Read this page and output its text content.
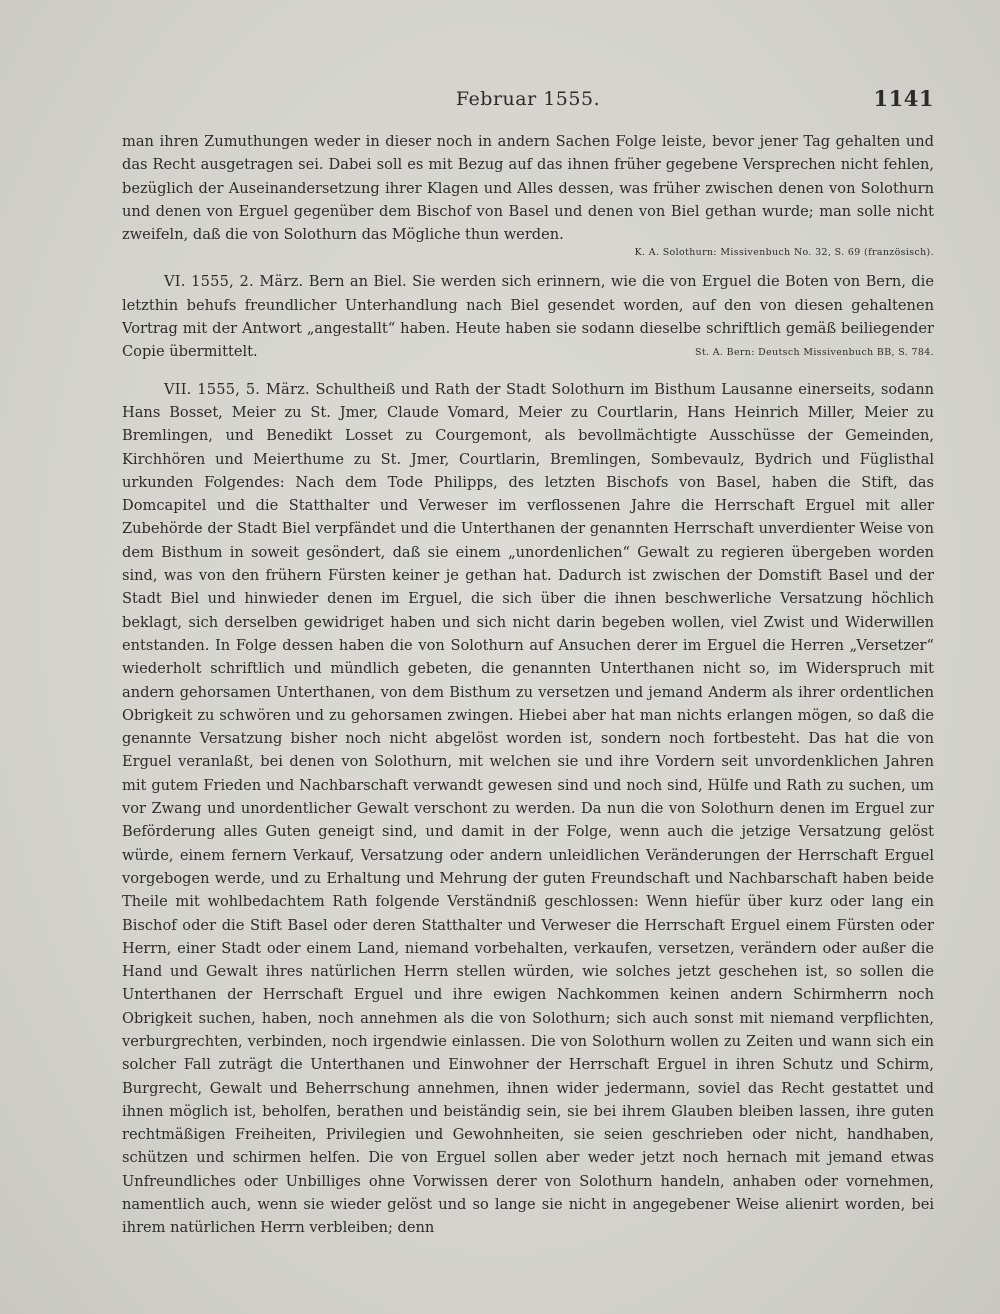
Februar 1555.	1141

man ihren Zumuthungen weder in dieser noch in andern Sachen Folge leiste, bevor jener Tag gehalten und das Recht ausgetragen sei. Dabei soll es mit Bezug auf das ihnen früher gegebene Versprechen nicht fehlen, bezüglich der Auseinandersetzung ihrer Klagen und Alles dessen, was früher zwischen denen von Solothurn und denen von Erguel gegenüber dem Bischof von Basel und denen von Biel gethan wurde; man solle nicht zweifeln, daß die von Solothurn das Mögliche thun werden.

K. A. Solothurn: Missivenbuch No. 32, S. 69 (französisch).

VI. 1555, 2. März. Bern an Biel. Sie werden sich erinnern, wie die von Erguel die Boten von Bern, die letzthin behufs freundlicher Unterhandlung nach Biel gesendet worden, auf den von diesen gehaltenen Vortrag mit der Antwort „angestallt“ haben. Heute haben sie sodann dieselbe schriftlich gemäß beiliegender Copie übermittelt.	St. A. Bern: Deutsch Missivenbuch BB, S. 784.

VII. 1555, 5. März. Schultheiß und Rath der Stadt Solothurn im Bisthum Lausanne einerseits, sodann Hans Bosset, Meier zu St. Jmer, Claude Vomard, Meier zu Courtlarin, Hans Heinrich Miller, Meier zu Bremlingen, und Benedikt Losset zu Courgemont, als bevollmächtigte Ausschüsse der Gemeinden, Kirchhören und Meierthume zu St. Jmer, Courtlarin, Bremlingen, Sombevaulz, Bydrich und Füglisthal urkunden Folgendes: Nach dem Tode Philipps, des letzten Bischofs von Basel, haben die Stift, das Domcapitel und die Statthalter und Verweser im verflossenen Jahre die Herrschaft Erguel mit aller Zubehörde der Stadt Biel verpfändet und die Unterthanen der genannten Herrschaft unverdienter Weise von dem Bisthum in soweit gesöndert, daß sie einem „unordenlichen“ Gewalt zu regieren übergeben worden sind, was von den frühern Fürsten keiner je gethan hat. Dadurch ist zwischen der Domstift Basel und der Stadt Biel und hinwieder denen im Erguel, die sich über die ihnen beschwerliche Versatzung höchlich beklagt, sich derselben gewidriget haben und sich nicht darin begeben wollen, viel Zwist und Widerwillen entstanden. In Folge dessen haben die von Solothurn auf Ansuchen derer im Erguel die Herren „Versetzer“ wiederholt schriftlich und mündlich gebeten, die genannten Unterthanen nicht so, im Widerspruch mit andern gehorsamen Unterthanen, von dem Bisthum zu versetzen und jemand Anderm als ihrer ordentlichen Obrigkeit zu schwören und zu gehorsamen zwingen. Hiebei aber hat man nichts erlangen mögen, so daß die genannte Versatzung bisher noch nicht abgelöst worden ist, sondern noch fortbesteht. Das hat die von Erguel veranlaßt, bei denen von Solothurn, mit welchen sie und ihre Vordern seit unvordenklichen Jahren mit gutem Frieden und Nachbarschaft verwandt gewesen sind und noch sind, Hülfe und Rath zu suchen, um vor Zwang und unordentlicher Gewalt verschont zu werden. Da nun die von Solothurn denen im Erguel zur Beförderung alles Guten geneigt sind, und damit in der Folge, wenn auch die jetzige Versatzung gelöst würde, einem fernern Verkauf, Versatzung oder andern unleidlichen Veränderungen der Herrschaft Erguel vorgebogen werde, und zu Erhaltung und Mehrung der guten Freundschaft und Nachbarschaft haben beide Theile mit wohlbedachtem Rath folgende Verständniß geschlossen: Wenn hiefür über kurz oder lang ein Bischof oder die Stift Basel oder deren Statthalter und Verweser die Herrschaft Erguel einem Fürsten oder Herrn, einer Stadt oder einem Land, niemand vorbehalten, verkaufen, versetzen, verändern oder außer die Hand und Gewalt ihres natürlichen Herrn stellen würden, wie solches jetzt geschehen ist, so sollen die Unterthanen der Herrschaft Erguel und ihre ewigen Nachkommen keinen andern Schirmherrn noch Obrigkeit suchen, haben, noch annehmen als die von Solothurn; sich auch sonst mit niemand verpflichten, verburgrechten, verbinden, noch irgendwie einlassen. Die von Solothurn wollen zu Zeiten und wann sich ein solcher Fall zuträgt die Unterthanen und Einwohner der Herrschaft Erguel in ihren Schutz und Schirm, Burgrecht, Gewalt und Beherrschung annehmen, ihnen wider jedermann, soviel das Recht gestattet und ihnen möglich ist, beholfen, berathen und beiständig sein, sie bei ihrem Glauben bleiben lassen, ihre guten rechtmäßigen Freiheiten, Privilegien und Gewohnheiten, sie seien geschrieben oder nicht, handhaben, schützen und schirmen helfen. Die von Erguel sollen aber weder jetzt noch hernach mit jemand etwas Unfreundliches oder Unbilliges ohne Vorwissen derer von Solothurn handeln, anhaben oder vornehmen, namentlich auch, wenn sie wieder gelöst und so lange sie nicht in angegebener Weise alienirt worden, bei ihrem natürlichen Herrn verbleiben; denn
